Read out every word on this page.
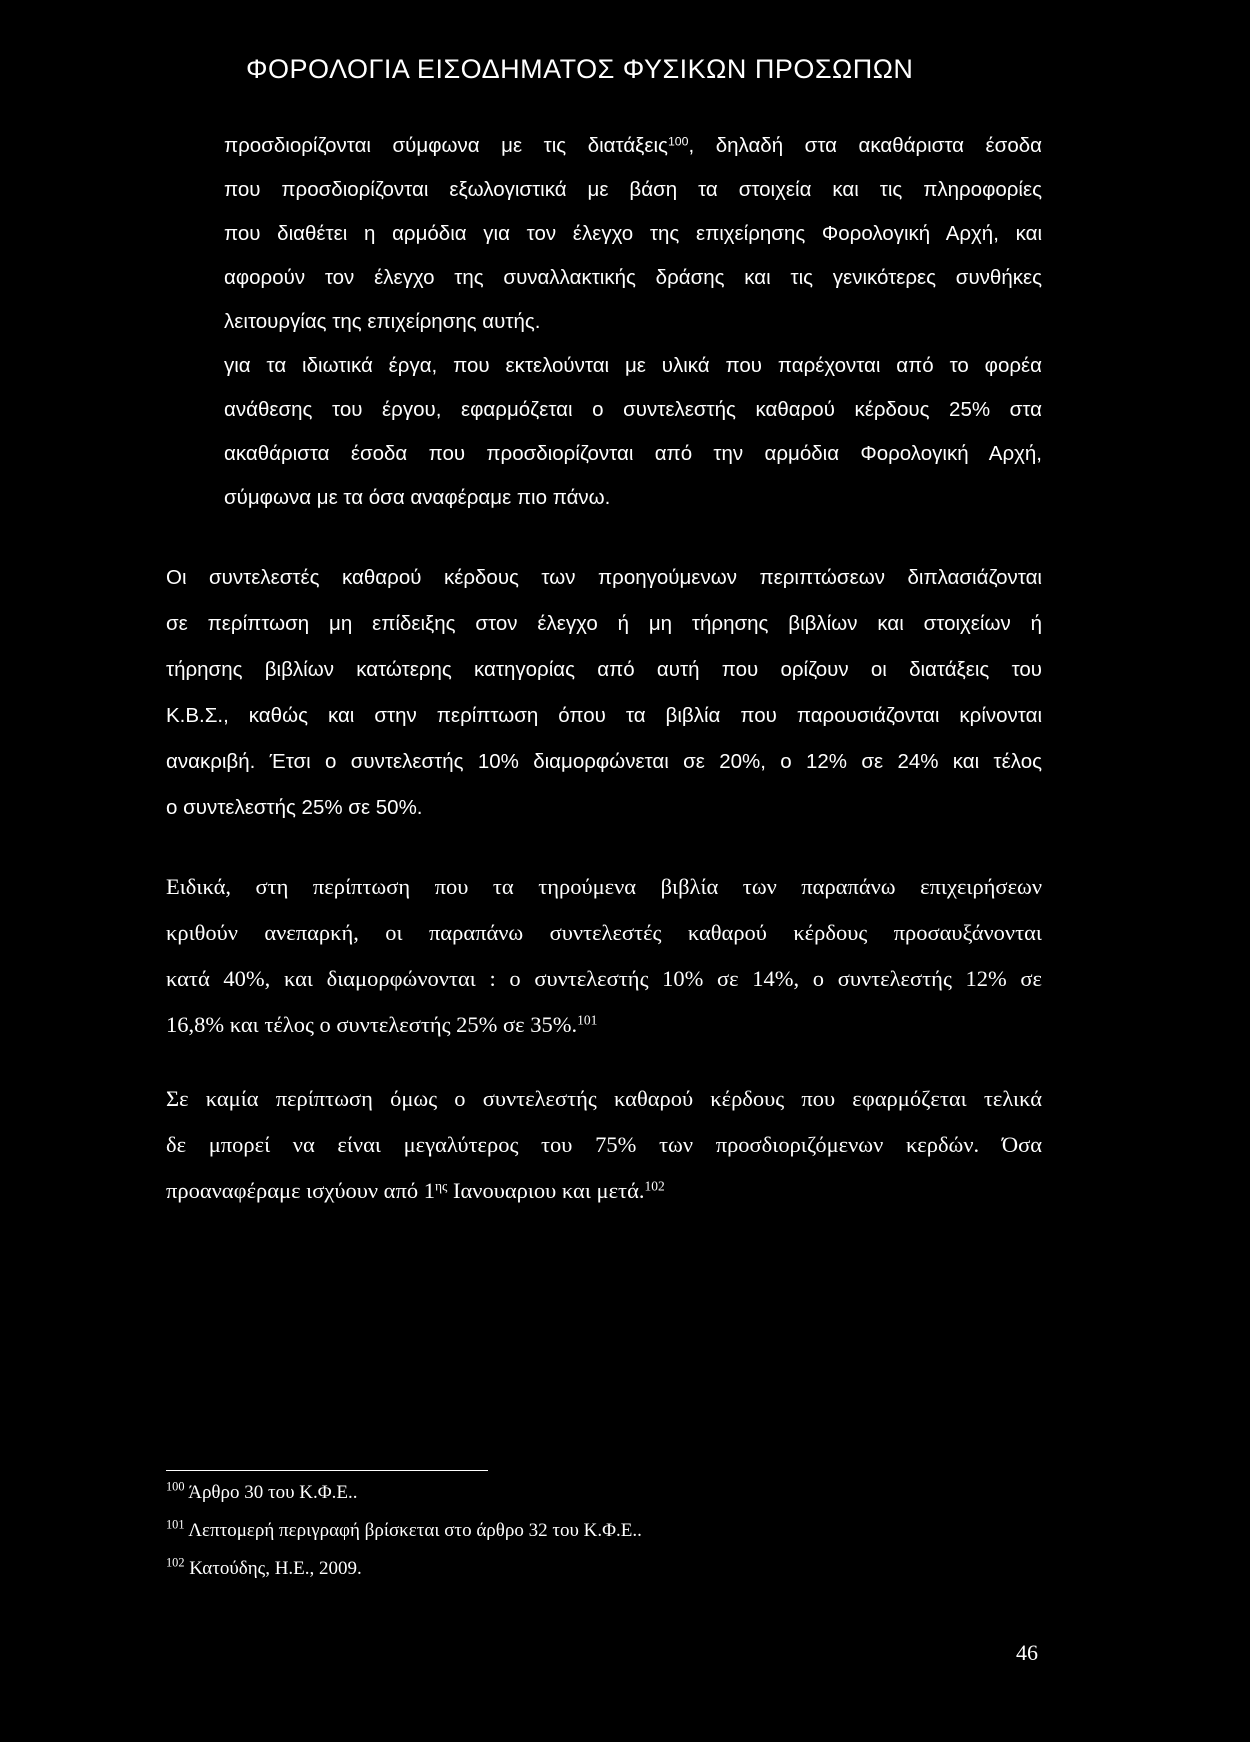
ΦΟΡΟΛΟΓΙΑ ΕΙΣΟΔΗΜΑΤΟΣ ΦΥΣΙΚΩΝ ΠΡΟΣΩΠΩΝ
προσδιορίζονται σύμφωνα με τις διατάξεις$^{100}$, δηλαδή στα ακαθάριστα έσοδα
που προσδιορίζονται εξωλογιστικά με βάση τα στοιχεία και τις πληροφορίες
που διαθέτει η αρμόδια για τον έλεγχο της επιχείρησης Φορολογική Αρχή, και
αφορούν τον έλεγχο της συναλλακτικής δράσης και τις γενικότερες συνθήκες
λειτουργίας της επιχείρησης αυτής.
για τα ιδιωτικά έργα, που εκτελούνται με υλικά που παρέχονται από το φορέα
ανάθεσης του έργου, εφαρμόζεται ο συντελεστής καθαρού κέρδους 25% στα
ακαθάριστα έσοδα που προσδιορίζονται από την αρμόδια Φορολογική Αρχή,
σύμφωνα με τα όσα αναφέραμε πιο πάνω.
Οι συντελεστές καθαρού κέρδους των προηγούμενων περιπτώσεων διπλασιάζονται
σε περίπτωση μη επίδειξης στον έλεγχο ή μη τήρησης βιβλίων και στοιχείων ή
τήρησης βιβλίων κατώτερης κατηγορίας από αυτή που ορίζουν οι διατάξεις του
Κ.Β.Σ., καθώς και στην περίπτωση όπου τα βιβλία που παρουσιάζονται κρίνονται
ανακριβή. Έτσι ο συντελεστής 10% διαμορφώνεται σε 20%, ο 12% σε 24% και τέλος
ο συντελεστής 25% σε 50%.
Ειδικά, στη περίπτωση που τα τηρούμενα βιβλία των παραπάνω επιχειρήσεων
κριθούν ανεπαρκή, οι παραπάνω συντελεστές καθαρού κέρδους προσαυξάνονται
κατά 40%, και διαμορφώνονται : ο συντελεστής 10% σε 14%, ο συντελεστής 12% σε
16,8% και τέλος ο συντελεστής 25% σε 35%.$^{101}$
Σε καμία περίπτωση όμως ο συντελεστής καθαρού κέρδους που εφαρμόζεται τελικά
δε μπορεί να είναι μεγαλύτερος του 75% των προσδιοριζόμενων κερδών. Όσα
προαναφέραμε ισχύουν από $1^{\eta\varsigma}$ Ιανουαριου και μετά.$^{102}$
$^{100}$ Άρθρο 30 του Κ.Φ.Ε..
$^{101}$ Λεπτομερή περιγραφή βρίσκεται στο άρθρο 32 του Κ.Φ.Ε..
$^{102}$ Κατούδης, Η.Ε., 2009.
46
